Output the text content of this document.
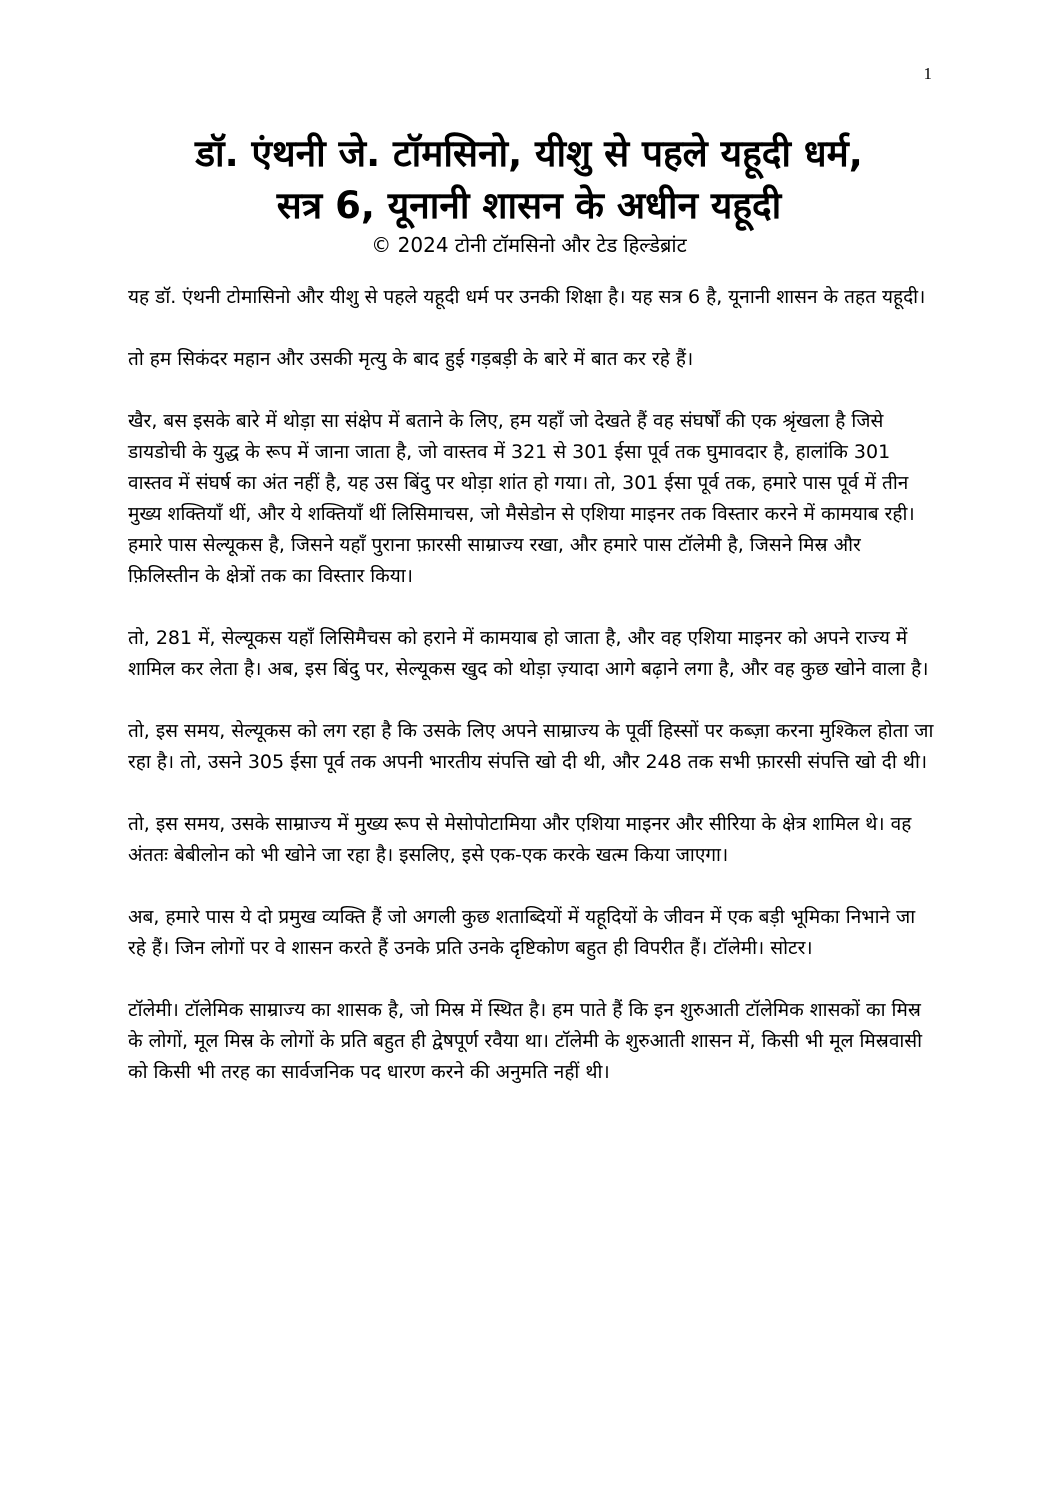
1
डॉ. एंथनी जे. टॉमसिनो, यीशु से पहले यहूदी धर्म,
सत्र 6, यूनानी शासन के अधीन यहूदी
© 2024 टोनी टॉमसिनो और टेड हिल्डेब्रांट

यह डॉ. एंथनी टोमासिनो और यीशु से पहले यहूदी धर्म पर उनकी शिक्षा है। यह सत्र 6 है, यूनानी शासन के तहत यहूदी।

तो हम सिकंदर महान और उसकी मृत्यु के बाद हुई गड़बड़ी के बारे में बात कर रहे हैं।

खैर, बस इसके बारे में थोड़ा सा संक्षेप में बताने के लिए, हम यहाँ जो देखते हैं वह संघर्षों की एक श्रृंखला है जिसे डायडोची के युद्ध के रूप में जाना जाता है, जो वास्तव में 321 से 301 ईसा पूर्व तक घुमावदार है, हालांकि 301 वास्तव में संघर्ष का अंत नहीं है, यह उस बिंदु पर थोड़ा शांत हो गया। तो, 301 ईसा पूर्व तक, हमारे पास पूर्व में तीन मुख्य शक्तियाँ थीं, और ये शक्तियाँ थीं लिसिमाचस, जो मैसेडोन से एशिया माइनर तक विस्तार करने में कामयाब रही। हमारे पास सेल्यूकस है, जिसने यहाँ पुराना फ़ारसी साम्राज्य रखा, और हमारे पास टॉलेमी है, जिसने मिस्र और फ़िलिस्तीन के क्षेत्रों तक का विस्तार किया।

तो, 281 में, सेल्यूकस यहाँ लिसिमैचस को हराने में कामयाब हो जाता है, और वह एशिया माइनर को अपने राज्य में शामिल कर लेता है। अब, इस बिंदु पर, सेल्यूकस खुद को थोड़ा ज़्यादा आगे बढ़ाने लगा है, और वह कुछ खोने वाला है।

तो, इस समय, सेल्यूकस को लग रहा है कि उसके लिए अपने साम्राज्य के पूर्वी हिस्सों पर कब्ज़ा करना मुश्किल होता जा रहा है। तो, उसने 305 ईसा पूर्व तक अपनी भारतीय संपत्ति खो दी थी, और 248 तक सभी फ़ारसी संपत्ति खो दी थी।

तो, इस समय, उसके साम्राज्य में मुख्य रूप से मेसोपोटामिया और एशिया माइनर और सीरिया के क्षेत्र शामिल थे। वह अंततः बेबीलोन को भी खोने जा रहा है। इसलिए, इसे एक-एक करके खत्म किया जाएगा।

अब, हमारे पास ये दो प्रमुख व्यक्ति हैं जो अगली कुछ शताब्दियों में यहूदियों के जीवन में एक बड़ी भूमिका निभाने जा रहे हैं। जिन लोगों पर वे शासन करते हैं उनके प्रति उनके दृष्टिकोण बहुत ही विपरीत हैं। टॉलेमी। सोटर।

टॉलेमी। टॉलेमिक साम्राज्य का शासक है, जो मिस्र में स्थित है। हम पाते हैं कि इन शुरुआती टॉलेमिक शासकों का मिस्र के लोगों, मूल मिस्र के लोगों के प्रति बहुत ही द्वेषपूर्ण रवैया था। टॉलेमी के शुरुआती शासन में, किसी भी मूल मिस्रवासी को किसी भी तरह का सार्वजनिक पद धारण करने की अनुमति नहीं थी।
